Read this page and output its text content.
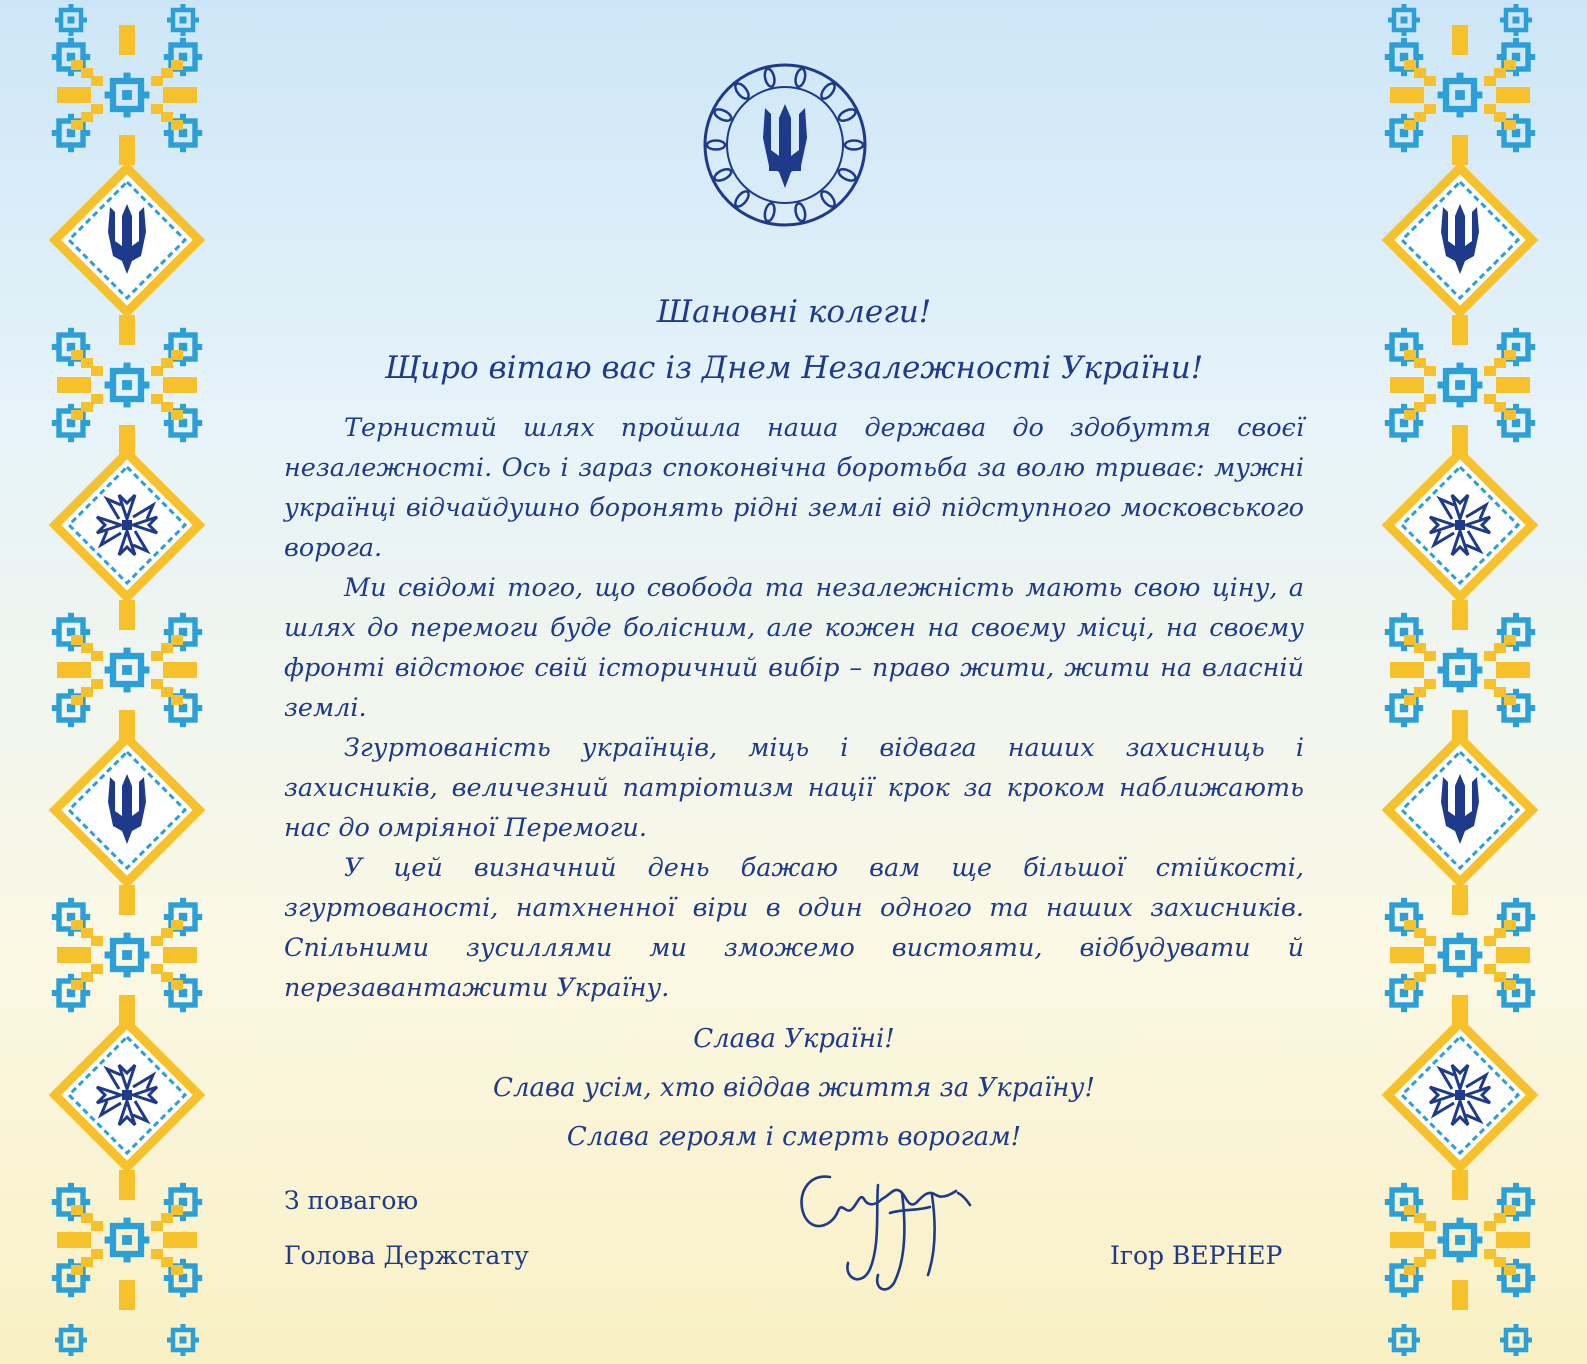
Шановні колеги!
Щиро вітаю вас із Днем Незалежності України!

Тернистий шлях пройшла наша держава до здобуття своєї незалежності. Ось і зараз споконвічна боротьба за волю триває: мужні українці відчайдушно боронять рідні землі від підступного московського ворога.

Ми свідомі того, що свобода та незалежність мають свою ціну, а шлях до перемоги буде болісним, але кожен на своєму місці, на своєму фронті відстоює свій історичний вибір – право жити, жити на власній землі.

Згуртованість українців, міць і відвага наших захисниць і захисників, величезний патріотизм нації крок за кроком наближають нас до омріяної Перемоги.

У цей визначний день бажаю вам ще більшої стійкості, згуртованості, натхненної віри в один одного та наших захисників. Спільними зусиллями ми зможемо вистояти, відбудувати й перезавантажити Україну.

Слава Україні!

Слава усім, хто віддав життя за Україну!

Слава героям і смерть ворогам!

З повагою

Голова Держстату	Ігор ВЕРНЕР
